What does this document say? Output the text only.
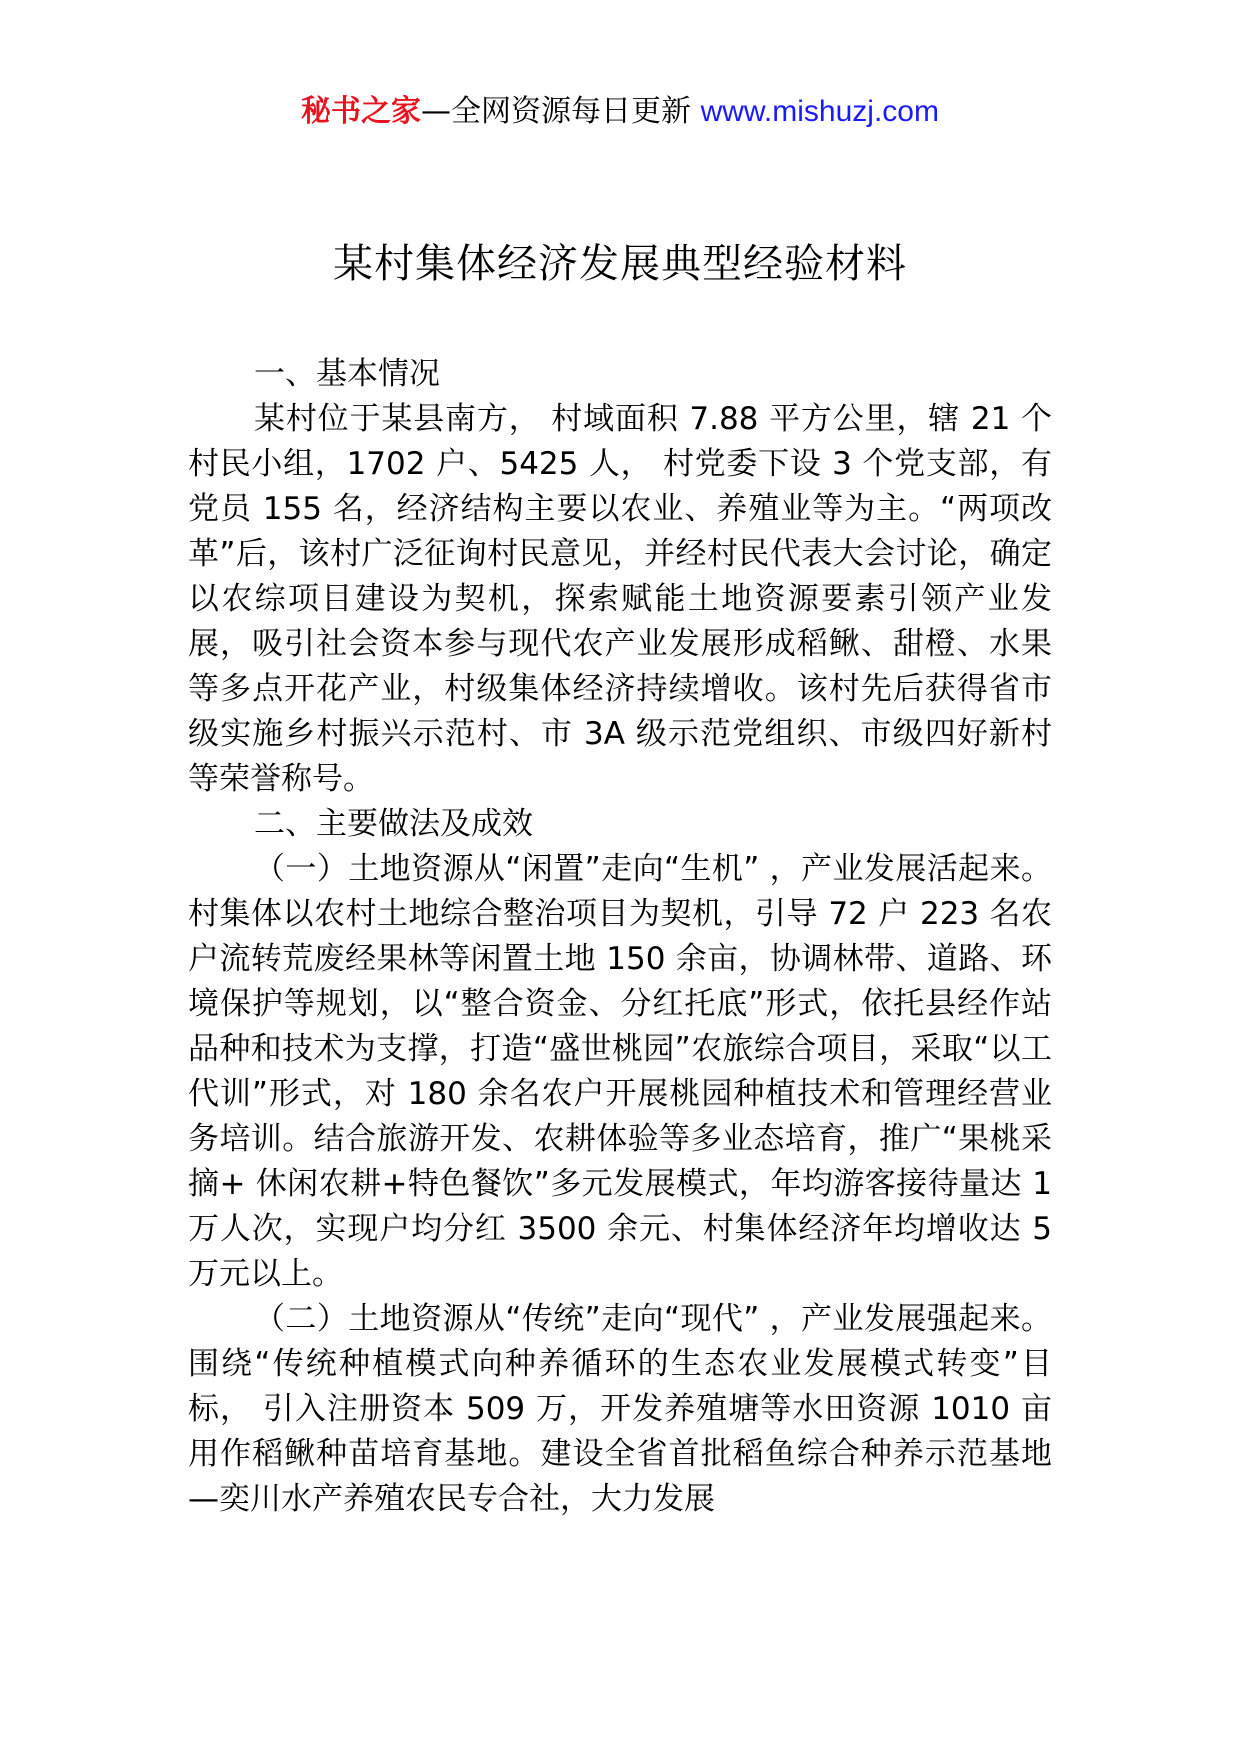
秘书之家—全网资源每日更新 www.mishuzj.com
某村集体经济发展典型经验材料

一、基本情况

某村位于某县南方， 村域面积 7.88 平方公里，辖 21 个村民小组，1702 户、5425 人， 村党委下设 3 个党支部，有党员 155 名，经济结构主要以农业、养殖业等为主。“两项改革”后，该村广泛征询村民意见，并经村民代表大会讨论，确定以农综项目建设为契机，探索赋能土地资源要素引领产业发展，吸引社会资本参与现代农产业发展形成稻鳅、甜橙、水果等多点开花产业，村级集体经济持续增收。该村先后获得省市级实施乡村振兴示范村、市 3A 级示范党组织、市级四好新村等荣誉称号。

二、主要做法及成效

（一）土地资源从“闲置”走向“生机” ，产业发展活起来。村集体以农村土地综合整治项目为契机，引导 72 户 223 名农户流转荒废经果林等闲置土地 150 余亩，协调林带、道路、环境保护等规划，以“整合资金、分红托底”形式，依托县经作站品种和技术为支撑，打造“盛世桃园”农旅综合项目，采取“以工代训”形式，对 180 余名农户开展桃园种植技术和管理经营业务培训。结合旅游开发、农耕体验等多业态培育，推广“果桃采摘+ 休闲农耕+特色餐饮”多元发展模式，年均游客接待量达 1 万人次，实现户均分红 3500 余元、村集体经济年均增收达 5 万元以上。

（二）土地资源从“传统”走向“现代” ，产业发展强起来。 围绕“传统种植模式向种养循环的生态农业发展模式转变”目标， 引入注册资本 509 万，开发养殖塘等水田资源 1010 亩用作稻鳅种苗培育基地。建设全省首批稻鱼综合种养示范基地—奕川水产养殖农民专合社，大力发展
